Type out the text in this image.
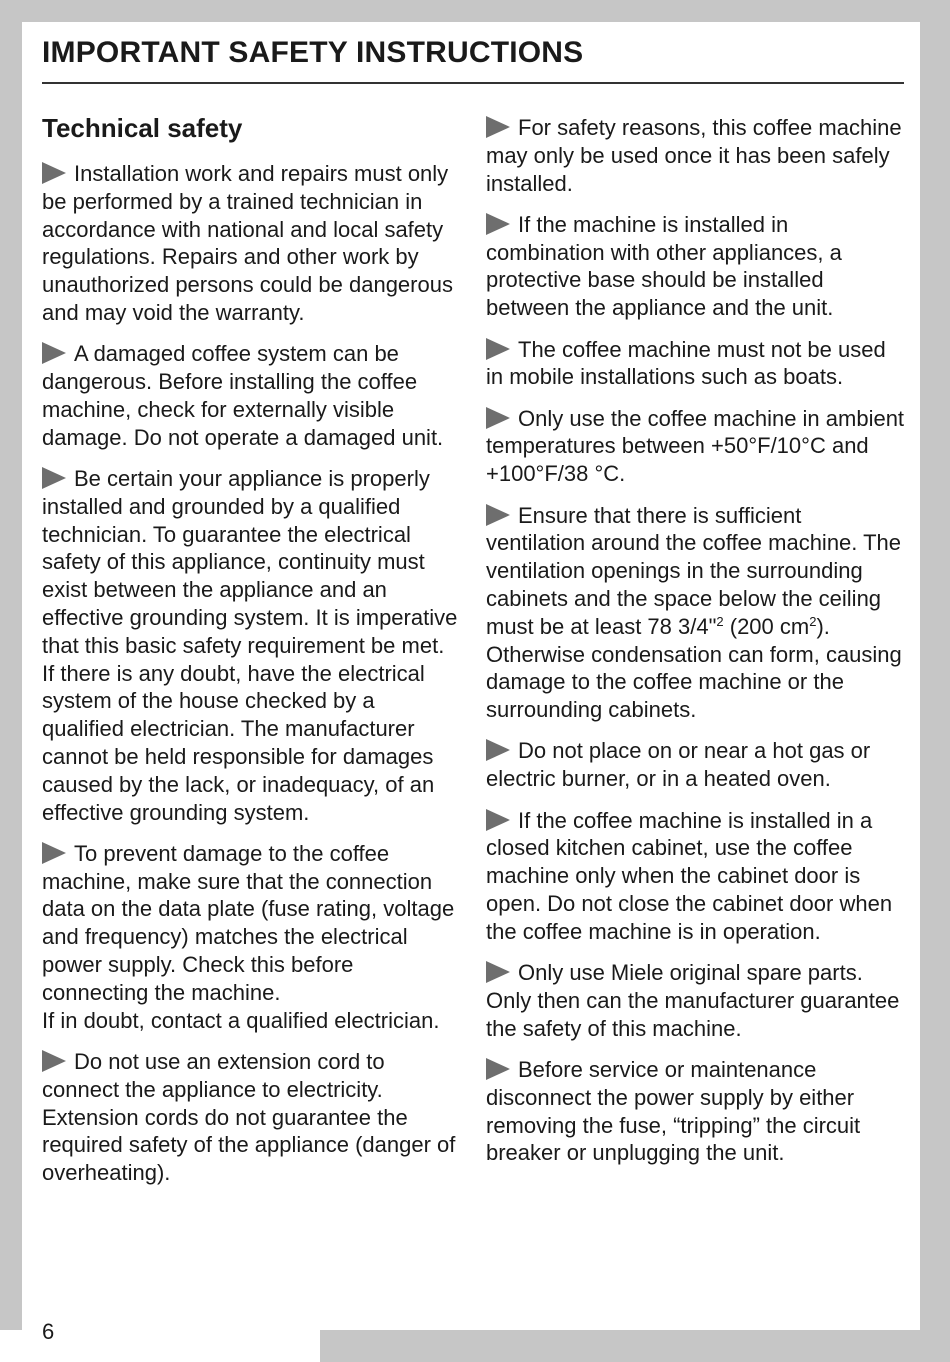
IMPORTANT SAFETY INSTRUCTIONS
Technical safety

Installation work and repairs must only be performed by a trained technician in accordance with national and local safety regulations. Repairs and other work by unauthorized persons could be dangerous and may void the warranty.

A damaged coffee system can be dangerous. Before installing the coffee machine, check for externally visible damage. Do not operate a damaged unit.

Be certain your appliance is properly installed and grounded by a qualified technician. To guarantee the electrical safety of this appliance, continuity must exist between the appliance and an effective grounding system. It is imperative that this basic safety requirement be met. If there is any doubt, have the electrical system of the house checked by a qualified electrician. The manufacturer cannot be held responsible for damages caused by the lack, or inadequacy, of an effective grounding system.

To prevent damage to the coffee machine, make sure that the connection data on the data plate (fuse rating, voltage and frequency) matches the electrical power supply. Check this before connecting the machine.
If in doubt, contact a qualified electrician.

Do not use an extension cord to connect the appliance to electricity. Extension cords do not guarantee the required safety of the appliance (danger of overheating).

For safety reasons, this coffee machine may only be used once it has been safely installed.

If the machine is installed in combination with other appliances, a protective base should be installed between the appliance and the unit.

The coffee machine must not be used in mobile installations such as boats.

Only use the coffee machine in ambient temperatures between +50°F/10°C and +100°F/38 °C.

Ensure that there is sufficient ventilation around the coffee machine. The ventilation openings in the surrounding cabinets and the space below the ceiling must be at least 78 3/4"$^2$ (200 $cm^2$). Otherwise condensation can form, causing damage to the coffee machine or the surrounding cabinets.

Do not place on or near a hot gas or electric burner, or in a heated oven.

If the coffee machine is installed in a closed kitchen cabinet, use the coffee machine only when the cabinet door is open. Do not close the cabinet door when the coffee machine is in operation.

Only use Miele original spare parts. Only then can the manufacturer guarantee the safety of this machine.

Before service or maintenance disconnect the power supply by either removing the fuse, “tripping” the circuit breaker or unplugging the unit.

6
